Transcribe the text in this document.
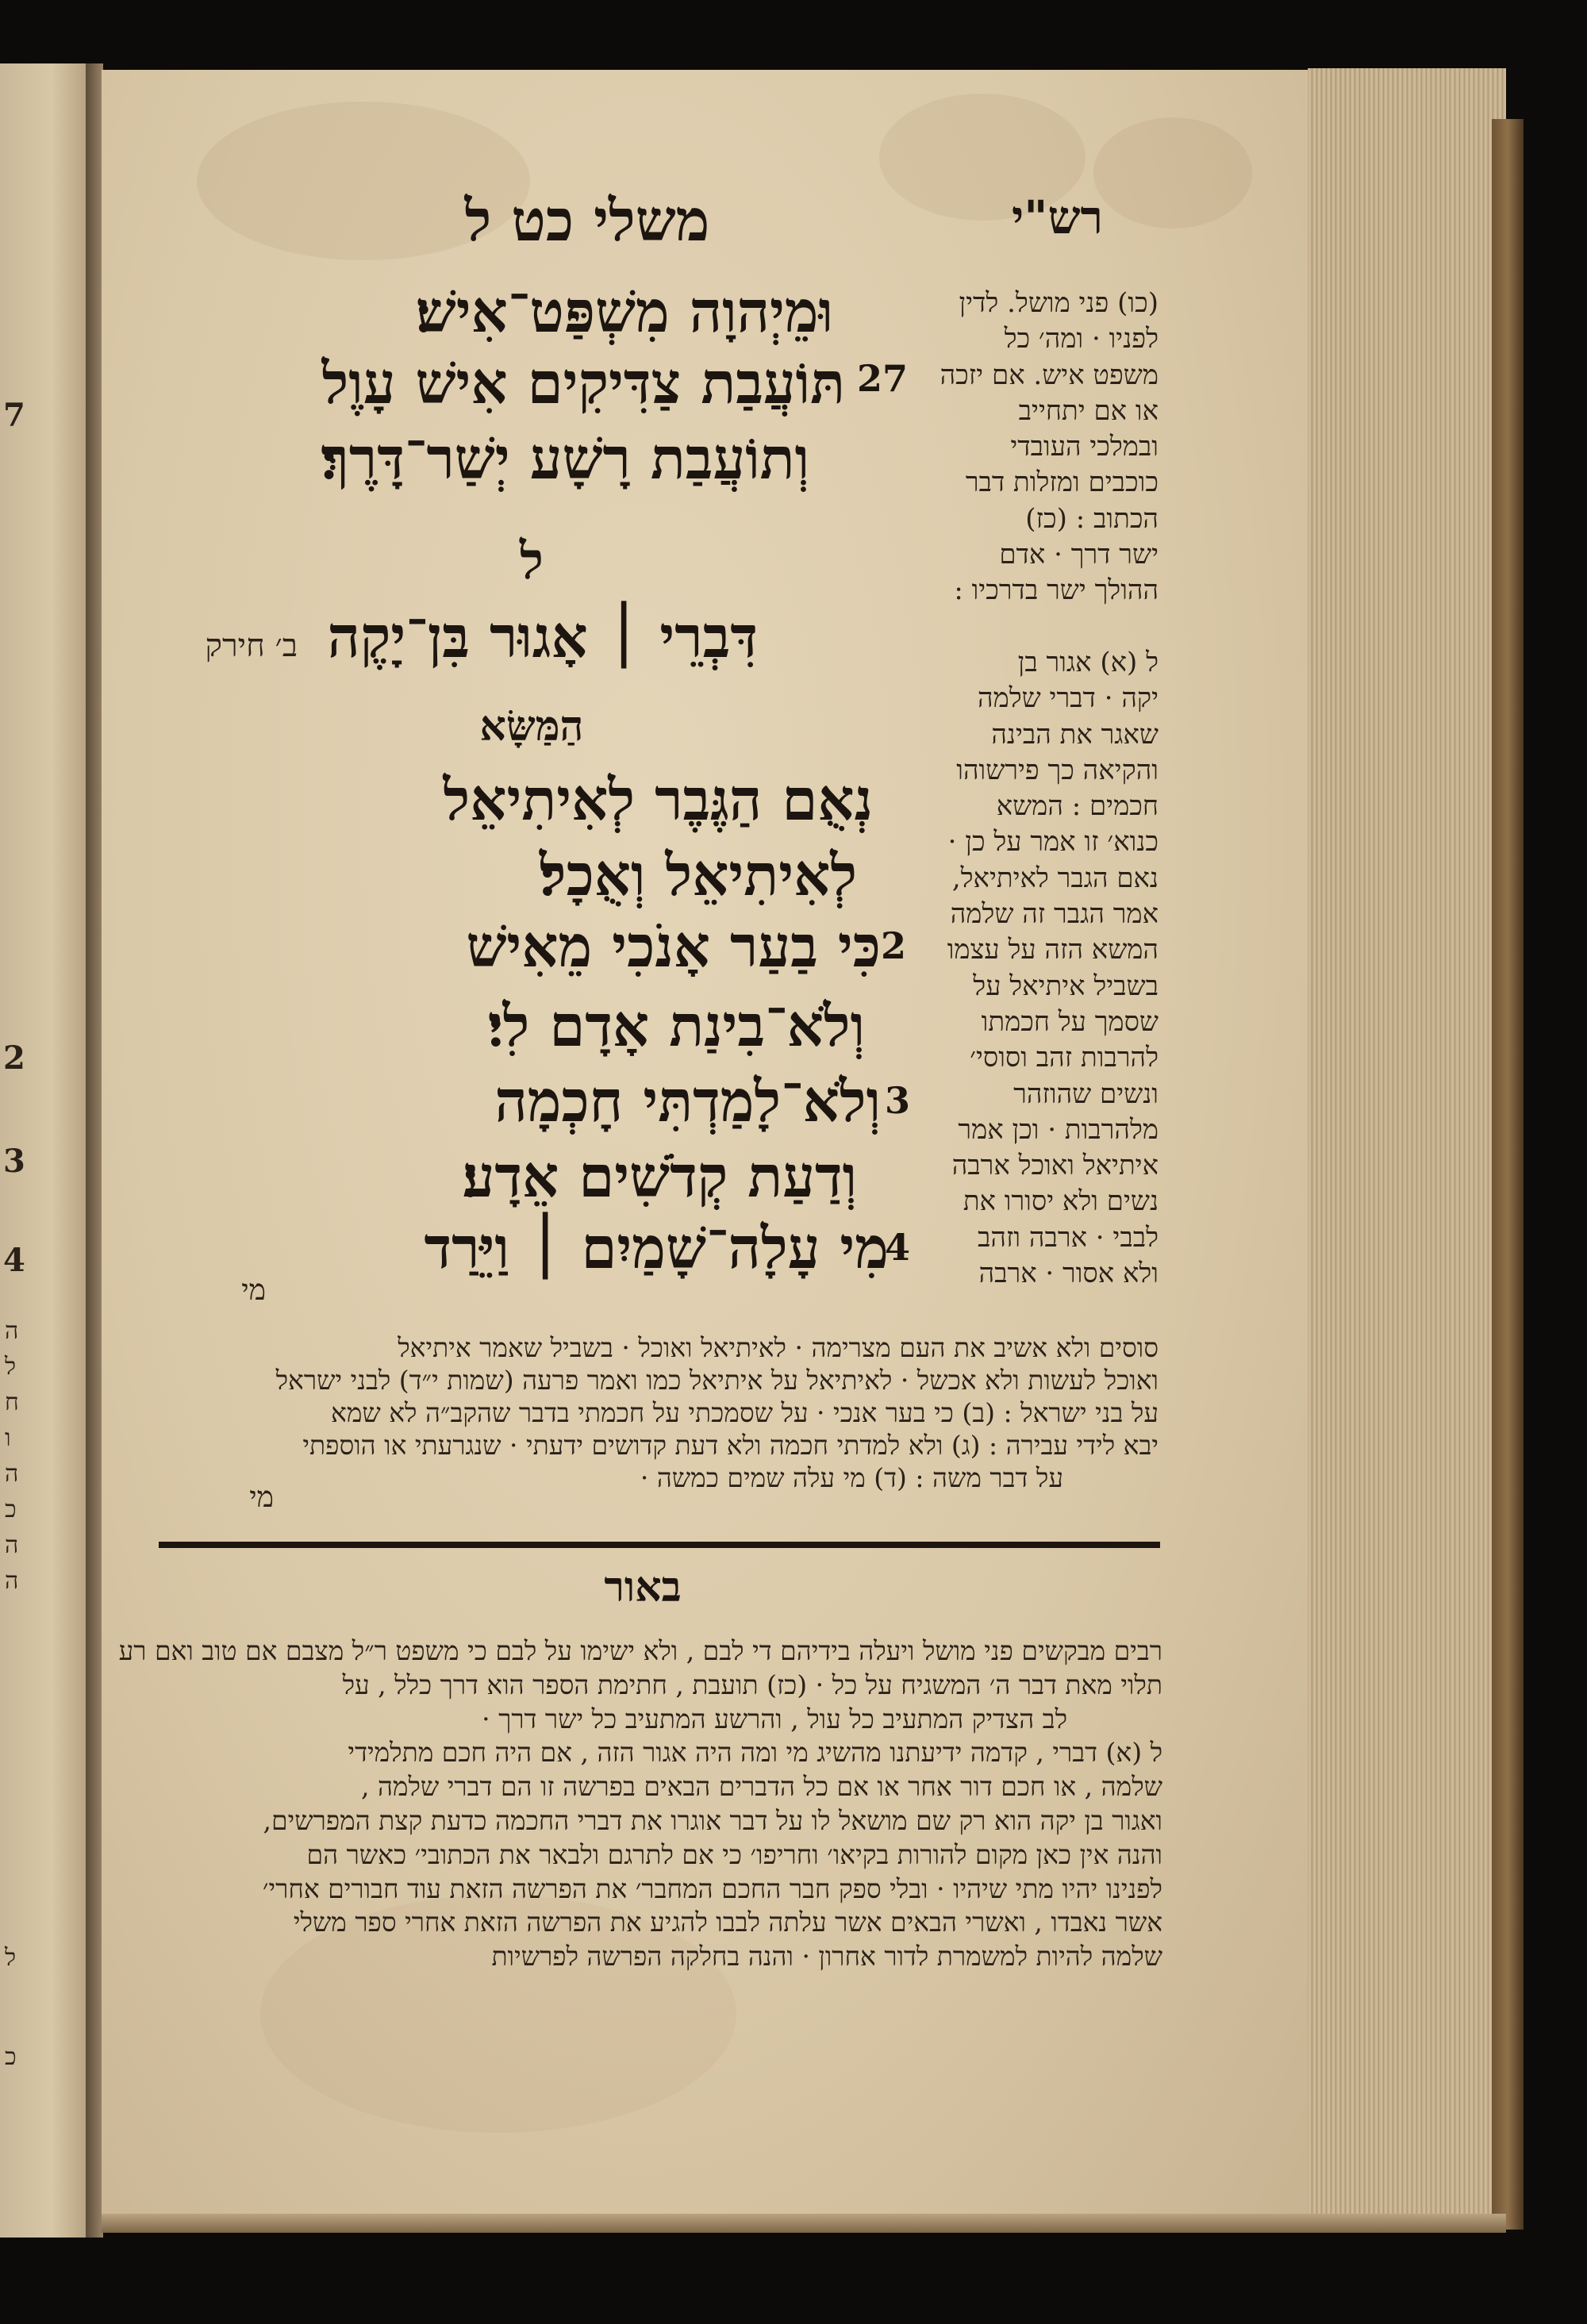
7
2
3
4
ה
ל
ח
ו
ה
כ
ה
ה
ל
כ
רש"י
משלי כט ל
וּמֵיְהוָה מִשְׁפַּט־אִישׁ׃
תּוֹעֲבַת צַדִּיקִים אִישׁ עָוֶל 27
וְתוֹעֲבַת רָשָׁע יְשַׁר־דָּרֶךְ׃
ל
דִּבְרֵי ׀ אָגוּר בִּן־יָקֶה
ב׳ חירק
הַמַּשָּׂא
נְאֻם הַגֶּבֶר לְאִיתִיאֵל
לְאִיתִיאֵל וְאֻכָל׃
כִּי בַעַר אָנֹכִי מֵאִישׁ 2
וְלֹא־בִינַת אָדָם לִי׃
וְלֹא־לָמַדְתִּי חָכְמָה 3
וְדַעַת קְדֹשִׁים אֵדָע׃
מִי עָלָה־שָׁמַיִם ׀ וַיֵּרַד
4
מי
(כו) פני מושל. לדין
לפניו · ומה׳ כל
משפט איש. אם יזכה
או אם יתחייב
ובמלכי העובדי
כוכבים ומזלות דבר
הכתוב : (כז)
ישר דרך · אדם
ההולך ישר בדרכיו :
ל (א) אגור בן
יקה · דברי שלמה
שאגר את הבינה
והקיאה כך פירשוהו
חכמים : המשא
כנוא׳ זו אמר על כן ·
נאם הגבר לאיתיאל,
אמר הגבר זה שלמה
המשא הזה על עצמו
בשביל איתיאל על
שסמך על חכמתו
להרבות זהב וסוסי׳
ונשים שהוזהר
מלהרבות · וכן אמר
איתיאל ואוכל ארבה
נשים ולא יסורו את
לבבי · ארבה וזהב
ולא אסור · ארבה
סוסים ולא אשיב את העם מצרימה · לאיתיאל ואוכל · בשביל שאמר איתיאל
ואוכל לעשות ולא אכשל · לאיתיאל על איתיאל כמו ואמר פרעה (שמות י״ד) לבני ישראל
על בני ישראל : (ב) כי בער אנכי · על שסמכתי על חכמתי בדבר שהקב״ה לא שמא
יבא לידי עבירה : (ג) ולא למדתי חכמה ולא דעת קדושים ידעתי · שנגרעתי או הוספתי
על דבר משה : (ד) מי עלה שמים כמשה ·
מי
באור
רבים מבקשים פני מושל ויעלה בידיהם די לבם , ולא ישימו על לבם כי משפט ר״ל מצבם אם טוב ואם רע
תלוי מאת דבר ה׳ המשגיח על כל · (כז) תועבת , חתימת הספר הוא דרך כלל , על
לב הצדיק המתעיב כל עול , והרשע המתעיב כל ישר דרך ·
ל (א) דברי , קדמה ידיעתנו מהשיג מי ומה היה אגור הזה , אם היה חכם מתלמידי
שלמה , או חכם דור אחר או אם כל הדברים הבאים בפרשה זו הם דברי שלמה ,
ואגור בן יקה הוא רק שם מושאל לו על דבר אוגרו את דברי החכמה כדעת קצת המפרשים,
והנה אין כאן מקום להורות בקיאו׳ וחריפו׳ כי אם לתרגם ולבאר את הכתובי׳ כאשר הם
לפנינו יהיו מתי שיהיו · ובלי ספק חבר החכם המחבר׳ את הפרשה הזאת עוד חבורים אחרי׳
אשר נאבדו , ואשרי הבאים אשר עלתה לבבו להגיע את הפרשה הזאת אחרי ספר משלי
שלמה להיות למשמרת לדור אחרון · והנה בחלקה הפרשה לפרשיות
